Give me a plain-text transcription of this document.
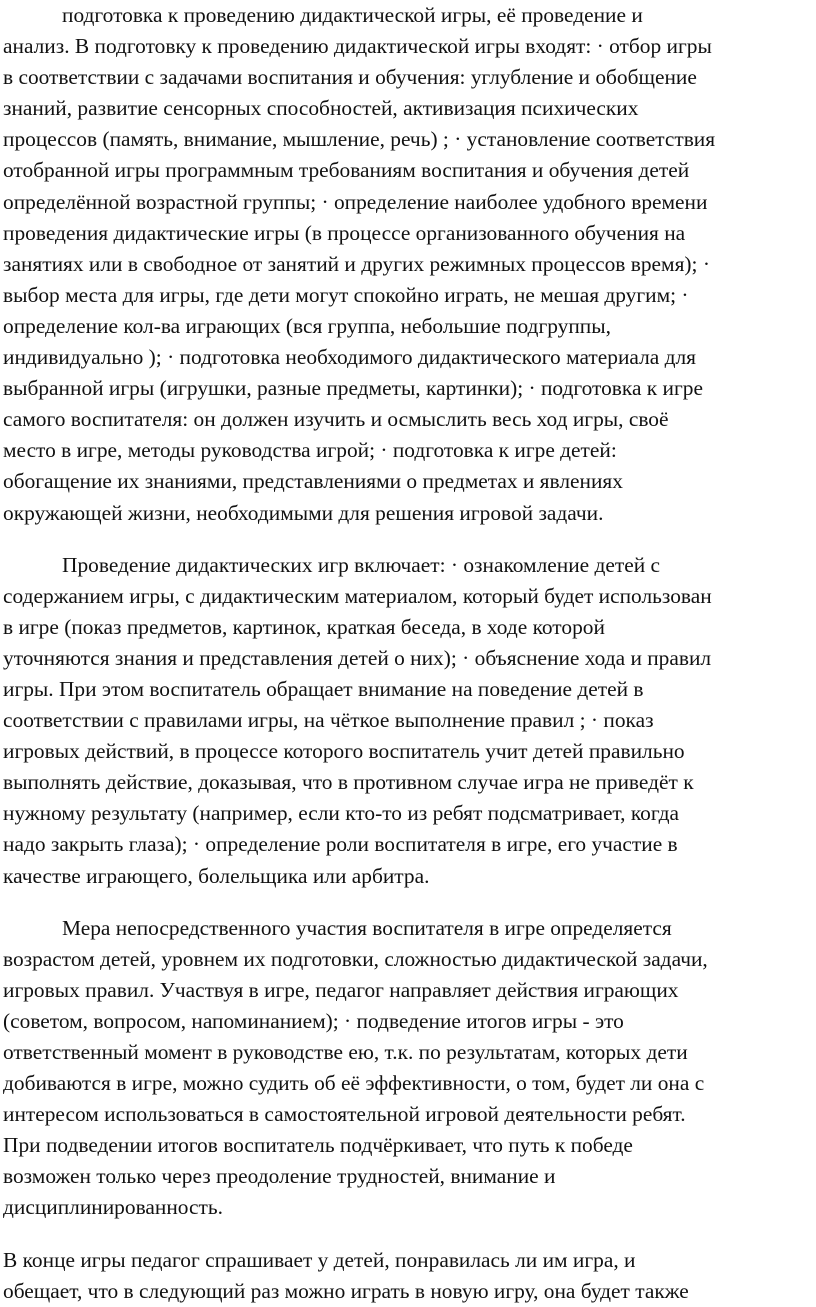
подготовка к проведению дидактической игры, её проведение и
анализ. В подготовку к проведению дидактической игры входят: · отбор игры
в соответствии с задачами воспитания и обучения: углубление и обобщение
знаний, развитие сенсорных способностей, активизация психических
процессов (память, внимание, мышление, речь) ; · установление соответствия
отобранной игры программным требованиям воспитания и обучения детей
определённой возрастной группы; · определение наиболее удобного времени
проведения дидактические игры (в процессе организованного обучения на
занятиях или в свободное от занятий и других режимных процессов время); ·
выбор места для игры, где дети могут спокойно играть, не мешая другим; ·
определение кол-ва играющих (вся группа, небольшие подгруппы,
индивидуально ); · подготовка необходимого дидактического материала для
выбранной игры (игрушки, разные предметы, картинки); · подготовка к игре
самого воспитателя: он должен изучить и осмыслить весь ход игры, своё
место в игре, методы руководства игрой; · подготовка к игре детей:
обогащение их знаниями, представлениями о предметах и явлениях
окружающей жизни, необходимыми для решения игровой задачи.

Проведение дидактических игр включает: · ознакомление детей с
содержанием игры, с дидактическим материалом, который будет использован
в игре (показ предметов, картинок, краткая беседа, в ходе которой
уточняются знания и представления детей о них); · объяснение хода и правил
игры. При этом воспитатель обращает внимание на поведение детей в
соответствии с правилами игры, на чёткое выполнение правил ; · показ
игровых действий, в процессе которого воспитатель учит детей правильно
выполнять действие, доказывая, что в противном случае игра не приведёт к
нужному результату (например, если кто-то из ребят подсматривает, когда
надо закрыть глаза); · определение роли воспитателя в игре, его участие в
качестве играющего, болельщика или арбитра.

Мера непосредственного участия воспитателя в игре определяется
возрастом детей, уровнем их подготовки, сложностью дидактической задачи,
игровых правил. Участвуя в игре, педагог направляет действия играющих
(советом, вопросом, напоминанием); · подведение итогов игры - это
ответственный момент в руководстве ею, т.к. по результатам, которых дети
добиваются в игре, можно судить об её эффективности, о том, будет ли она с
интересом использоваться в самостоятельной игровой деятельности ребят.
При подведении итогов воспитатель подчёркивает, что путь к победе
возможен только через преодоление трудностей, внимание и
дисциплинированность.

В конце игры педагог спрашивает у детей, понравилась ли им игра, и
обещает, что в следующий раз можно играть в новую игру, она будет также
